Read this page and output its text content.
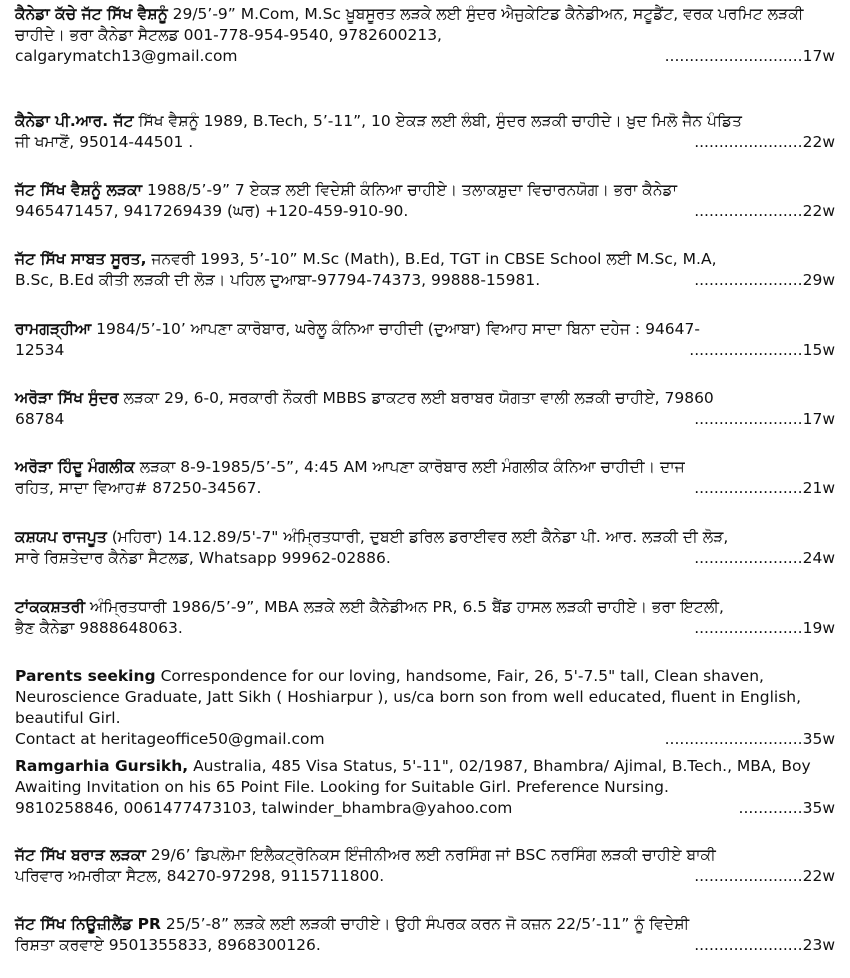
ਕੈਨੇਡਾ ਕੱਚੇ ਜੱਟ ਸਿੱਖ ਵੈਸ਼ਨੂੰ 29/5’-9” M.Com, M.Sc ਖ਼ੂਬਸੂਰਤ ਲੜਕੇ ਲਈ ਸੁੰਦਰ ਐਜੁਕੇਟਿਡ ਕੈਨੇਡੀਅਨ, ਸਟੂਡੈਂਟ, ਵਰਕ ਪਰਮਿਟ ਲੜਕੀ ਚਾਹੀਦੇ। ਭਰਾ ਕੈਨੇਡਾ ਸੈਟਲਡ 001-778-954-9540, 9782600213,
calgarymatch13@gmail.com	............................17w
ਕੈਨੇਡਾ ਪੀ.ਆਰ. ਜੱਟ ਸਿੱਖ ਵੈਸ਼ਨੂੰ 1989, B.Tech, 5’-11”, 10 ਏਕੜ ਲਈ ਲੰਬੀ, ਸੁੰਦਰ ਲੜਕੀ ਚਾਹੀਦੇ। ਖ਼ੁਦ ਮਿਲੋ ਜੈਨ ਪੰਡਿਤ
ਜੀ ਖਮਾਣੋਂ, 95014-44501 .	......................22w
ਜੱਟ ਸਿੱਖ ਵੈਸ਼ਨੂੰ ਲੜਕਾ 1988/5’-9” 7 ਏਕੜ ਲਈ ਵਿਦੇਸ਼ੀ ਕੰਨਿਆ ਚਾਹੀਏ। ਤਲਾਕਸ਼ੁਦਾ ਵਿਚਾਰਨਯੋਗ। ਭਰਾ ਕੈਨੇਡਾ
9465471457, 9417269439 (ਘਰ) +120-459-910-90.	......................22w
ਜੱਟ ਸਿੱਖ ਸਾਬਤ ਸੂਰਤ, ਜਨਵਰੀ 1993, 5’-10” M.Sc (Math), B.Ed, TGT in CBSE School ਲਈ M.Sc, M.A,
B.Sc, B.Ed ਕੀਤੀ ਲੜਕੀ ਦੀ ਲੋੜ। ਪਹਿਲ ਦੁਆਬਾ-97794-74373, 99888-15981.	......................29w
ਰਾਮਗੜ੍ਹੀਆ 1984/5’-10’ ਆਪਣਾ ਕਾਰੋਬਾਰ, ਘਰੇਲੂ ਕੰਨਿਆ ਚਾਹੀਦੀ (ਦੁਆਬਾ) ਵਿਆਹ ਸਾਦਾ ਬਿਨਾ ਦਹੇਜ : 94647-
12534	.......................15w
ਅਰੋੜਾ ਸਿੱਖ ਸੁੰਦਰ ਲੜਕਾ 29, 6-0, ਸਰਕਾਰੀ ਨੌਕਰੀ MBBS ਡਾਕਟਰ ਲਈ ਬਰਾਬਰ ਯੋਗਤਾ ਵਾਲੀ ਲੜਕੀ ਚਾਹੀਏ, 79860
68784	......................17w
ਅਰੋੜਾ ਹਿੰਦੂ ਮੰਗਲੀਕ ਲੜਕਾ 8-9-1985/5’-5”, 4:45 AM ਆਪਣਾ ਕਾਰੋਬਾਰ ਲਈ ਮੰਗਲੀਕ ਕੰਨਿਆ ਚਾਹੀਦੀ। ਦਾਜ
ਰਹਿਤ, ਸਾਦਾ ਵਿਆਹ# 87250-34567.	......................21w
ਕਸ਼ਯਪ ਰਾਜਪੂਤ (ਮਹਿਰਾ) 14.12.89/5'-7" ਅੰਮ੍ਰਿਤਧਾਰੀ, ਦੁਬਈ ਡਰਿਲ ਡਰਾਈਵਰ ਲਈ ਕੈਨੇਡਾ ਪੀ. ਆਰ. ਲੜਕੀ ਦੀ ਲੋੜ,
ਸਾਰੇ ਰਿਸ਼ਤੇਦਾਰ ਕੈਨੇਡਾ ਸੈਟਲਡ, Whatsapp 99962-02886.	......................24w
ਟਾਂਕਕਸ਼ਤਰੀ ਅੰਮ੍ਰਿਤਧਾਰੀ 1986/5’-9”, MBA ਲੜਕੇ ਲਈ ਕੈਨੇਡੀਅਨ PR, 6.5 ਬੈਂਡ ਹਾਸਲ ਲੜਕੀ ਚਾਹੀਏ। ਭਰਾ ਇਟਲੀ,
ਭੈਣ ਕੈਨੇਡਾ 9888648063.	......................19w
Parents seeking Correspondence for our loving, handsome, Fair, 26, 5'-7.5" tall, Clean shaven, Neuroscience Graduate, Jatt Sikh ( Hoshiarpur ), us/ca born son from well educated, fluent in English, beautiful Girl.
Contact at heritageoffice50@gmail.com	............................35w
Ramgarhia Gursikh, Australia, 485 Visa Status, 5'-11", 02/1987, Bhambra/ Ajimal, B.Tech., MBA, Boy Awaiting Invitation on his 65 Point File. Looking for Suitable Girl. Preference Nursing.
9810258846, 0061477473103, talwinder_bhambra@yahoo.com	.............35w
ਜੱਟ ਸਿੱਖ ਬਰਾੜ ਲੜਕਾ 29/6’ ਡਿਪਲੋਮਾ ਇਲੈਕਟ੍ਰੋਨਿਕਸ ਇੰਜੀਨੀਅਰ ਲਈ ਨਰਸਿੰਗ ਜਾਂ BSC ਨਰਸਿੰਗ ਲੜਕੀ ਚਾਹੀਏ ਬਾਕੀ
ਪਰਿਵਾਰ ਅਮਰੀਕਾ ਸੈਟਲ, 84270-97298, 9115711800.	......................22w
ਜੱਟ ਸਿੱਖ ਨਿਊਜ਼ੀਲੈਂਡ PR 25/5’-8” ਲੜਕੇ ਲਈ ਲੜਕੀ ਚਾਹੀਏ। ਉਹੀ ਸੰਪਰਕ ਕਰਨ ਜੋ ਕਜ਼ਨ 22/5’-11” ਨੂੰ ਵਿਦੇਸ਼ੀ
ਰਿਸ਼ਤਾ ਕਰਵਾਏ 9501355833, 8968300126.	......................23w
